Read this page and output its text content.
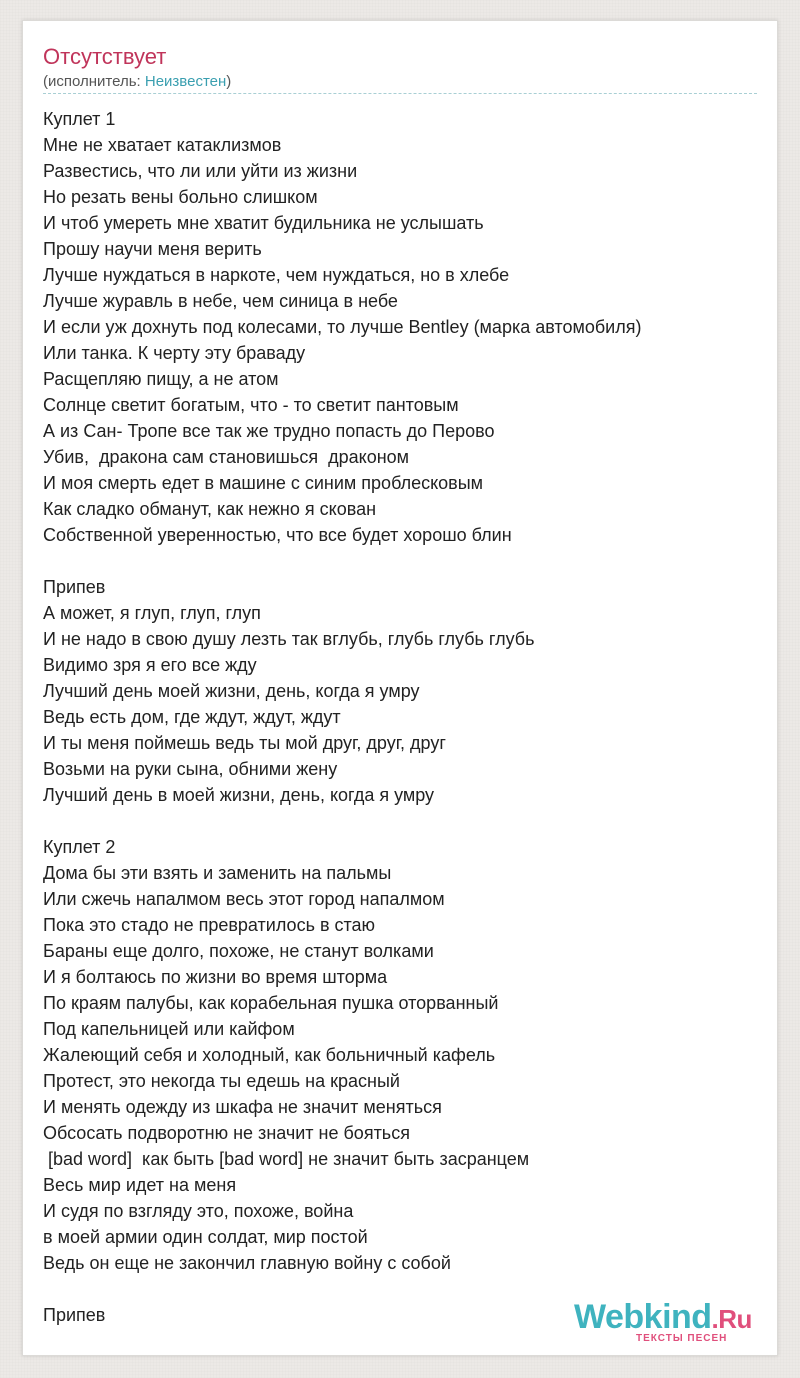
Отсутствует
(исполнитель: Неизвестен)
Куплет 1
Мне не хватает катаклизмов
Развестись, что ли или уйти из жизни
Но резать вены больно слишком
И чтоб умереть мне хватит будильника не услышать
Прошу научи меня верить
Лучше нуждаться в наркоте, чем нуждаться, но в хлебе
Лучше журавль в небе, чем синица в небе
И если уж дохнуть под колесами, то лучше Bentley (марка автомобиля)
Или танка. К черту эту браваду
Расщепляю пищу, а не атом
Солнце светит богатым, что - то светит пантовым
А из Сан- Тропе все так же трудно попасть до Перово
Убив,  дракона сам становишься  драконом
И моя смерть едет в машине с синим проблесковым
Как сладко обманут, как нежно я скован
Собственной уверенностью, что все будет хорошо блин
Припев
А может, я глуп, глуп, глуп
И не надо в свою душу лезть так вглубь, глубь глубь глубь
Видимо зря я его все жду
Лучший день моей жизни, день, когда я умру
Ведь есть дом, где ждут, ждут, ждут
И ты меня поймешь ведь ты мой друг, друг, друг
Возьми на руки сына, обними жену
Лучший день в моей жизни, день, когда я умру
Куплет 2
Дома бы эти взять и заменить на пальмы
Или сжечь напалмом весь этот город напалмом
Пока это стадо не превратилось в стаю
Бараны еще долго, похоже, не станут волками
И я болтаюсь по жизни во время шторма
По краям палубы, как корабельная пушка оторванный
Под капельницей или кайфом
Жалеющий себя и холодный, как больничный кафель
Протест, это некогда ты едешь на красный
И менять одежду из шкафа не значит меняться
Обсосать подворотню не значит не бояться
[bad word]  как быть [bad word] не значит быть засранцем
Весь мир идет на меня
И судя по взгляду это, похоже, война
в моей армии один солдат, мир постой
Ведь он еще не закончил главную войну с собой
Припев	Webkind.Ru
ТЕКСТЫ ПЕСЕН
